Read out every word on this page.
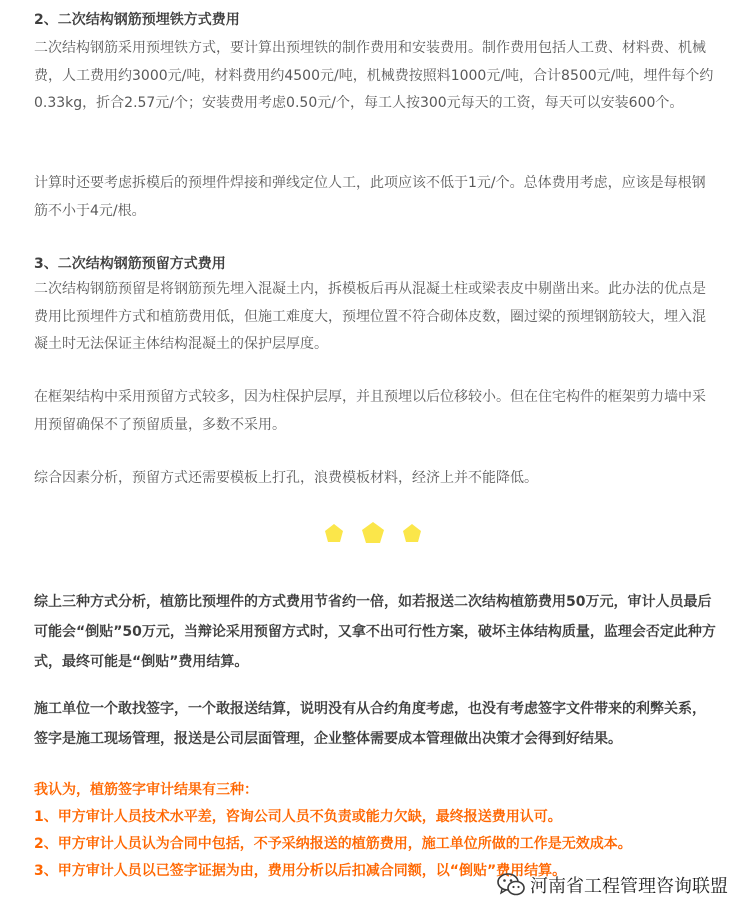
2、二次结构钢筋预埋铁方式费用

二次结构钢筋采用预埋铁方式，要计算出预埋铁的制作费用和安装费用。制作费用包括人工费、材料费、机械费，人工费用约3000元/吨，材料费用约4500元/吨，机械费按照料1000元/吨，合计8500元/吨，埋件每个约0.33kg，折合2.57元/个；安装费用考虑0.50元/个，每工人按300元每天的工资，每天可以安装600个。

计算时还要考虑拆模后的预埋件焊接和弹线定位人工，此项应该不低于1元/个。总体费用考虑，应该是每根钢筋不小于4元/根。

3、二次结构钢筋预留方式费用

二次结构钢筋预留是将钢筋预先埋入混凝土内，拆模板后再从混凝土柱或梁表皮中剔凿出来。此办法的优点是费用比预埋件方式和植筋费用低，但施工难度大，预埋位置不符合砌体皮数，圈过梁的预埋钢筋较大，埋入混凝土时无法保证主体结构混凝土的保护层厚度。

在框架结构中采用预留方式较多，因为柱保护层厚，并且预埋以后位移较小。但在住宅构件的框架剪力墙中采用预留确保不了预留质量，多数不采用。

综合因素分析，预留方式还需要模板上打孔，浪费模板材料，经济上并不能降低。

综上三种方式分析，植筋比预埋件的方式费用节省约一倍，如若报送二次结构植筋费用50万元，审计人员最后可能会“倒贴”50万元，当辩论采用预留方式时，又拿不出可行性方案，破坏主体结构质量，监理会否定此种方式，最终可能是“倒贴”费用结算。

施工单位一个敢找签字，一个敢报送结算，说明没有从合约角度考虑，也没有考虑签字文件带来的利弊关系，签字是施工现场管理，报送是公司层面管理，企业整体需要成本管理做出决策才会得到好结果。

我认为，植筋签字审计结果有三种：
1、甲方审计人员技术水平差，咨询公司人员不负责或能力欠缺，最终报送费用认可。
2、甲方审计人员认为合同中包括，不予采纳报送的植筋费用，施工单位所做的工作是无效成本。
3、甲方审计人员以已签字证据为由，费用分析以后扣减合同额，以“倒贴”费用结算。
河南省工程管理咨询联盟
